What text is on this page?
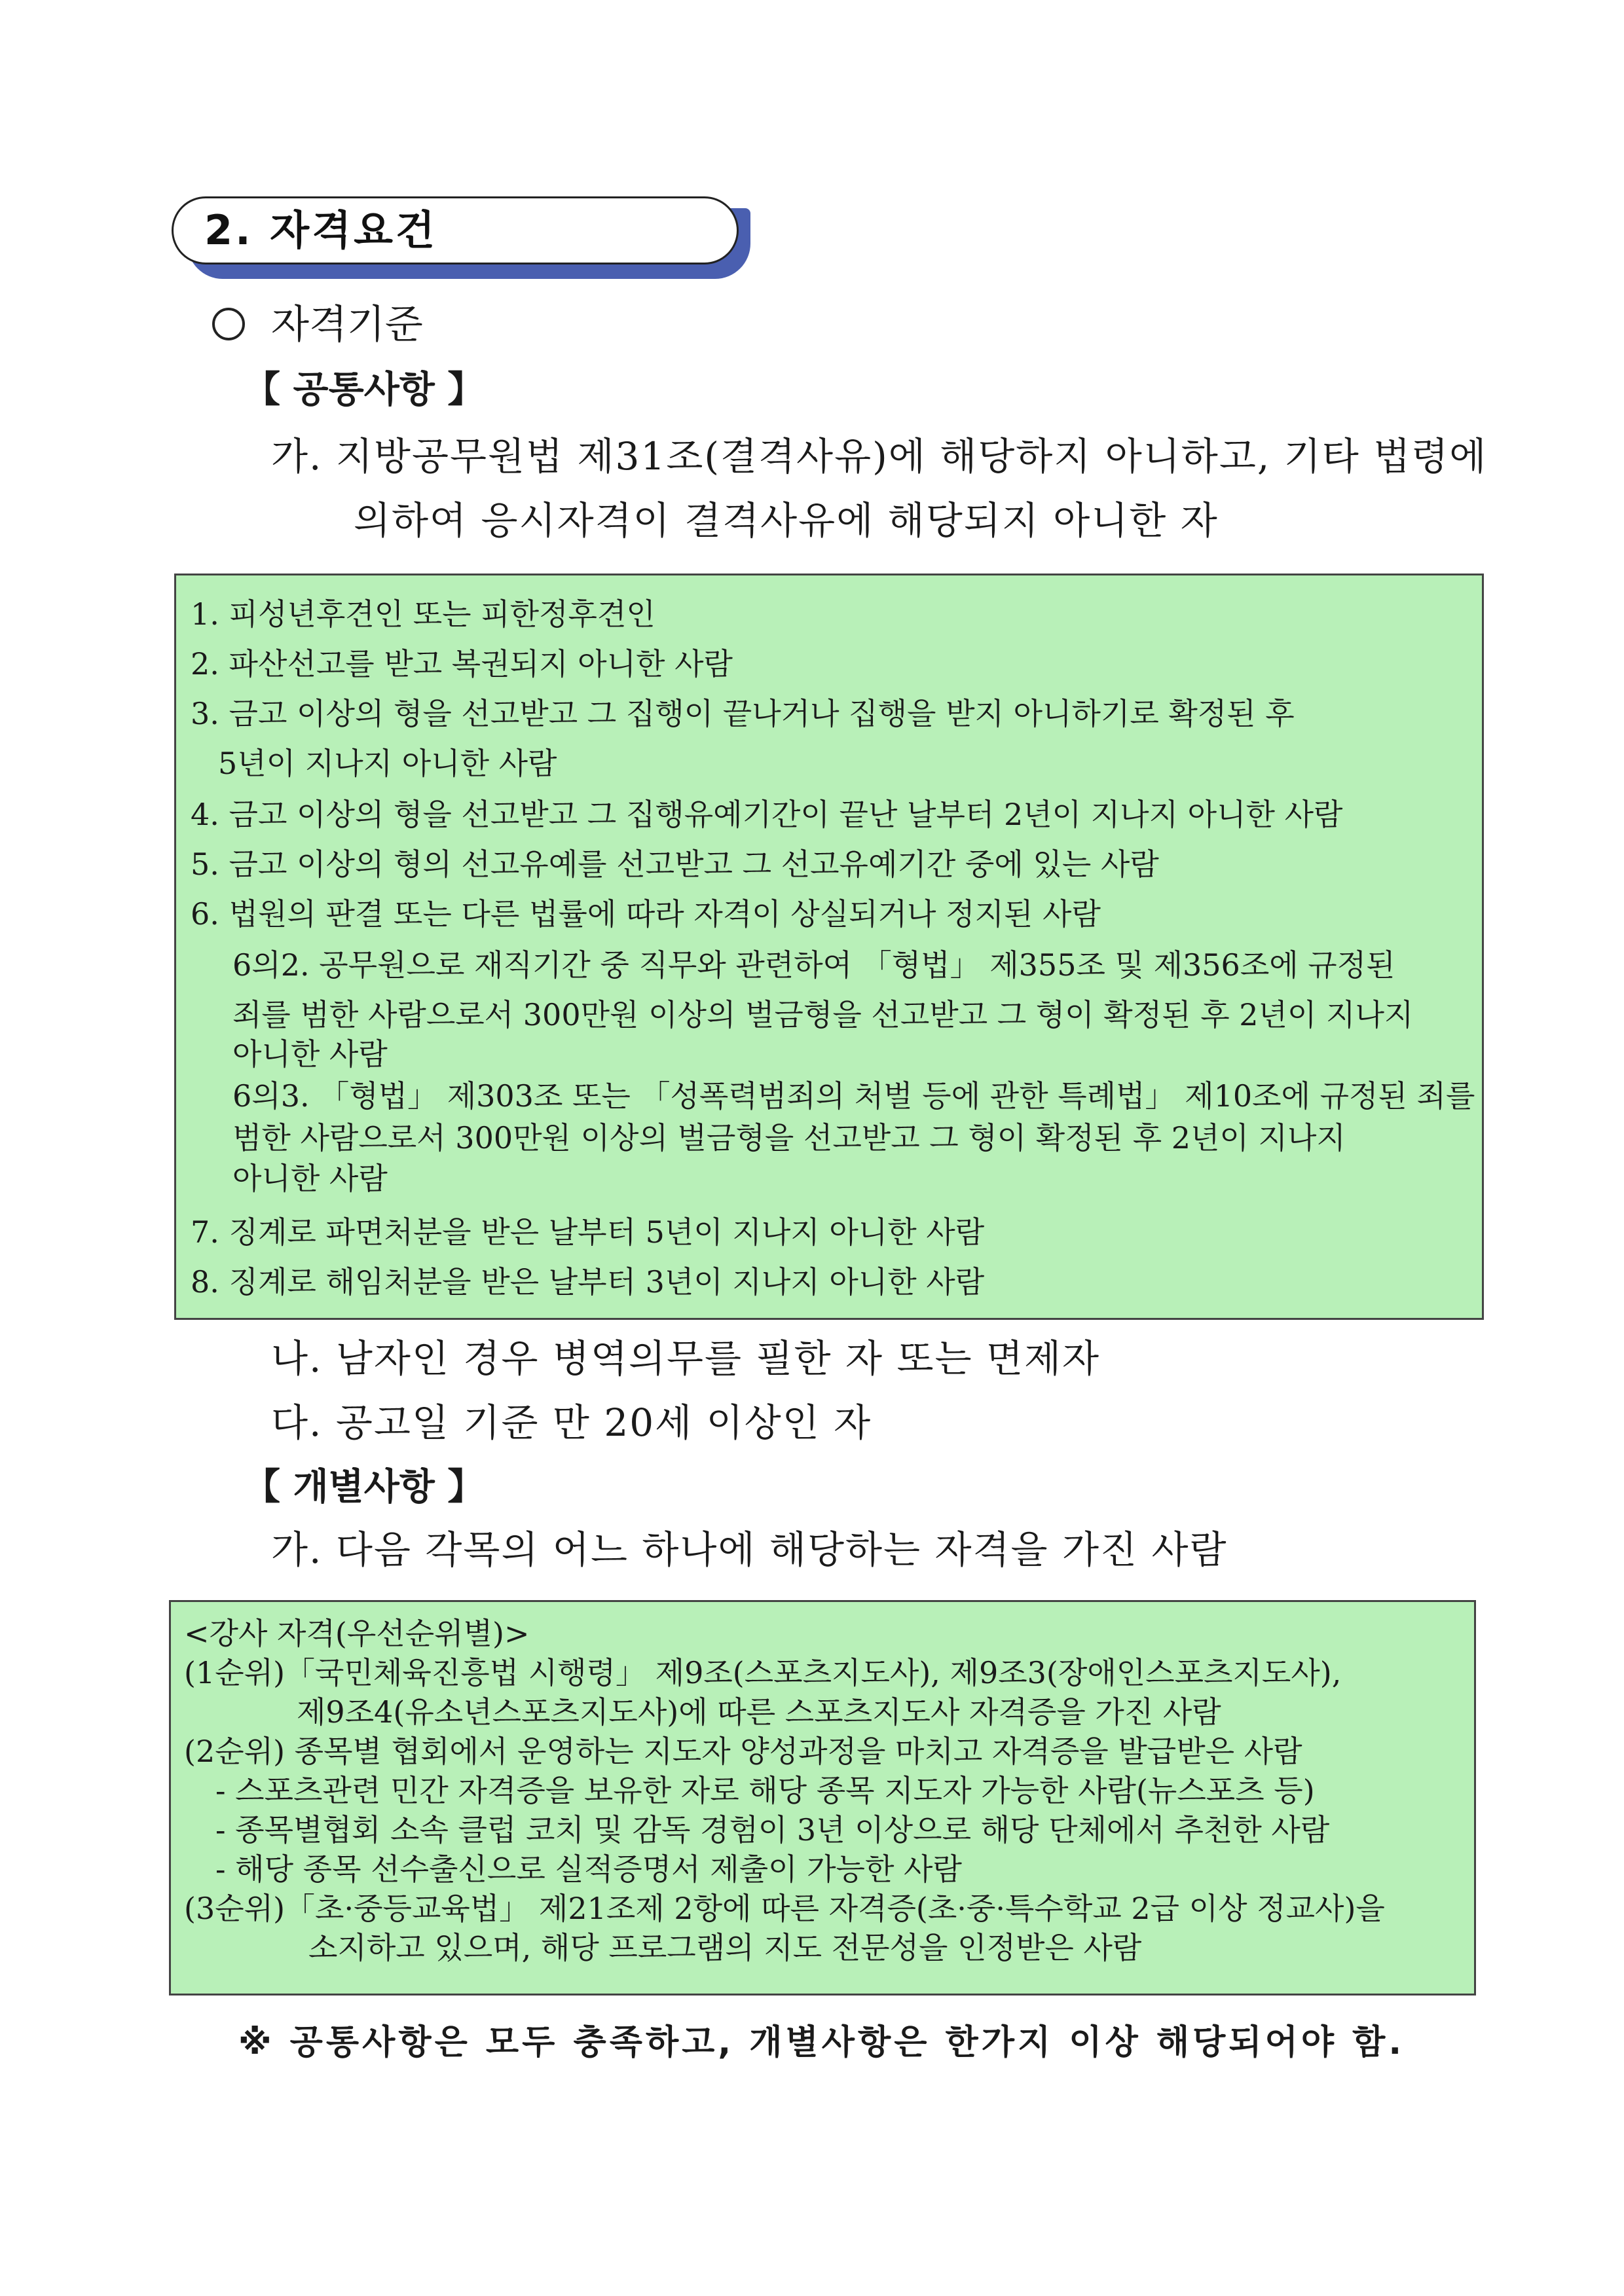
2. 자격요건
자격기준
【 공통사항 】
가. 지방공무원법 제31조(결격사유)에 해당하지 아니하고, 기타 법령에
의하여 응시자격이 결격사유에 해당되지 아니한 자
1. 피성년후견인 또는 피한정후견인
2. 파산선고를 받고 복권되지 아니한 사람
3. 금고 이상의 형을 선고받고 그 집행이 끝나거나 집행을 받지 아니하기로 확정된 후
5년이 지나지 아니한 사람
4. 금고 이상의 형을 선고받고 그 집행유예기간이 끝난 날부터 2년이 지나지 아니한 사람
5. 금고 이상의 형의 선고유예를 선고받고 그 선고유예기간 중에 있는 사람
6. 법원의 판결 또는 다른 법률에 따라 자격이 상실되거나 정지된 사람
6의2. 공무원으로 재직기간 중 직무와 관련하여 「형법」 제355조 및 제356조에 규정된
죄를 범한 사람으로서 300만원 이상의 벌금형을 선고받고 그 형이 확정된 후 2년이 지나지
아니한 사람
6의3. 「형법」 제303조 또는 「성폭력범죄의 처벌 등에 관한 특례법」 제10조에 규정된 죄를
범한 사람으로서 300만원 이상의 벌금형을 선고받고 그 형이 확정된 후 2년이 지나지
아니한 사람
7. 징계로 파면처분을 받은 날부터 5년이 지나지 아니한 사람
8. 징계로 해임처분을 받은 날부터 3년이 지나지 아니한 사람
나. 남자인 경우 병역의무를 필한 자 또는 면제자
다. 공고일 기준 만 20세 이상인 자
【 개별사항 】
가. 다음 각목의 어느 하나에 해당하는 자격을 가진 사람
<강사 자격(우선순위별)>
(1순위)「국민체육진흥법 시행령」 제9조(스포츠지도사), 제9조3(장애인스포츠지도사),
제9조4(유소년스포츠지도사)에 따른 스포츠지도사 자격증을 가진 사람
(2순위) 종목별 협회에서 운영하는 지도자 양성과정을 마치고 자격증을 발급받은 사람
- 스포츠관련 민간 자격증을 보유한 자로 해당 종목 지도자 가능한 사람(뉴스포츠 등)
- 종목별협회 소속 클럽 코치 및 감독 경험이 3년 이상으로 해당 단체에서 추천한 사람
- 해당 종목 선수출신으로 실적증명서 제출이 가능한 사람
(3순위)「초·중등교육법」 제21조제 2항에 따른 자격증(초·중·특수학교 2급 이상 정교사)을
소지하고 있으며, 해당 프로그램의 지도 전문성을 인정받은 사람
※ 공통사항은 모두 충족하고, 개별사항은 한가지 이상 해당되어야 함.
